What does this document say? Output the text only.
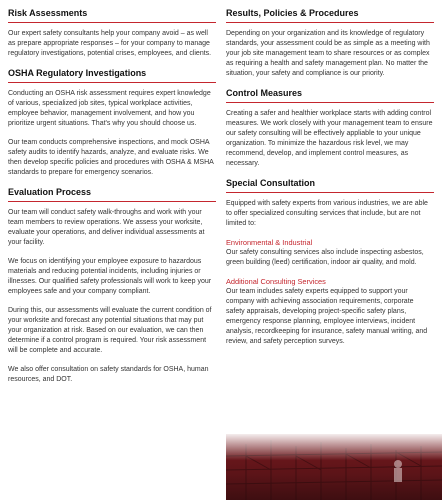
Risk Assessments

Our expert safety consultants help your company avoid – as well as prepare appropriate responses – for your company to manage regulatory investigations, potential crises, employees, and clients.

OSHA Regulatory Investigations

Conducting an OSHA risk assessment requires expert knowledge of various, specialized job sites, typical workplace activities, employee behavior, management involvement, and how you prioritize urgent situations. That's why you should choose us.

Our team conducts comprehensive inspections, and mock OSHA safety audits to identify hazards, analyze, and evaluate risks. We then develop specific policies and procedures with OSHA & MSHA standards to prepare for emergency scenarios.

Evaluation Process

Our team will conduct safety walk-throughs and work with your team members to review operations. We assess your worksite, evaluate your operations, and deliver individual assessments at your facility.

We focus on identifying your employee exposure to hazardous materials and reducing potential incidents, including injuries or illnesses. Our qualified safety professionals will work to keep your employees safe and your company compliant.

During this, our assessments will evaluate the current condition of your worksite and forecast any potential situations that may put your organization at risk. Based on our evaluation, we can then determine if a control program is required. Your risk assessment will be complete and accurate.

We also offer consultation on safety standards for OSHA, human resources, and DOT.

Results, Policies & Procedures

Depending on your organization and its knowledge of regulatory standards, your assessment could be as simple as a meeting with your job site management team to share resources or as complex as requiring a health and safety management plan. No matter the situation, your safety and compliance is our priority.

Control Measures

Creating a safer and healthier workplace starts with adding control measures. We work closely with your management team to ensure our safety consulting will be effectively appliable to your unique organization. To minimize the hazardous risk level, we may recommend, develop, and implement control measures, as necessary.

Special Consultation

Equipped with safety experts from various industries, we are able to offer specialized consulting services that include, but are not limited to:

Environmental & Industrial

Our safety consulting services also include inspecting asbestos, green building (leed) certification, indoor air quality, and mold.

Additional Consulting Services

Our team includes safety experts equipped to support your company with achieving association requirements, corporate safety appraisals, developing project-specific safety plans, emergency response planning, employee interviews, incident analysis, recordkeeping for insurance, safety manual writing, and review, and safety perception surveys.
